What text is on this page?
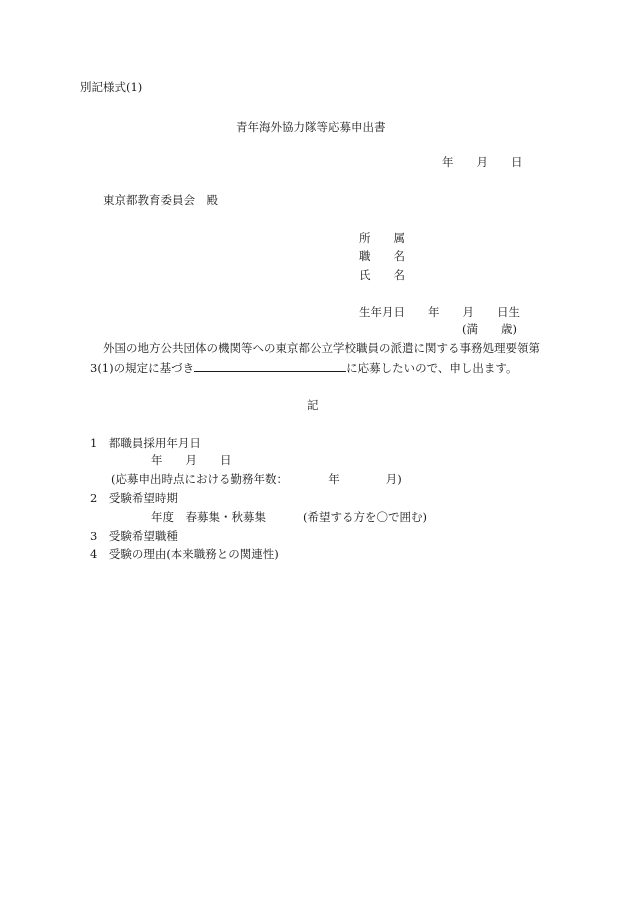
別記様式(1)
青年海外協力隊等応募申出書
年　　月　　日
東京都教育委員会　殿
所　　属
職　　名
氏　　名
生年月日　　年　　月　　日生
(満　　歳)
外国の地方公共団体の機関等への東京都公立学校職員の派遣に関する事務処理要領第
3(1)の規定に基づき	に応募したいので、申し出ます。
記
1　都職員採用年月日
年　　月　　日
(応募申出時点における勤務年数：　　　　年　　　　月)
2　受験希望時期
年度　春募集・秋募集	(希望する方を〇で囲む)
3　受験希望職種
4　受験の理由(本来職務との関連性)
